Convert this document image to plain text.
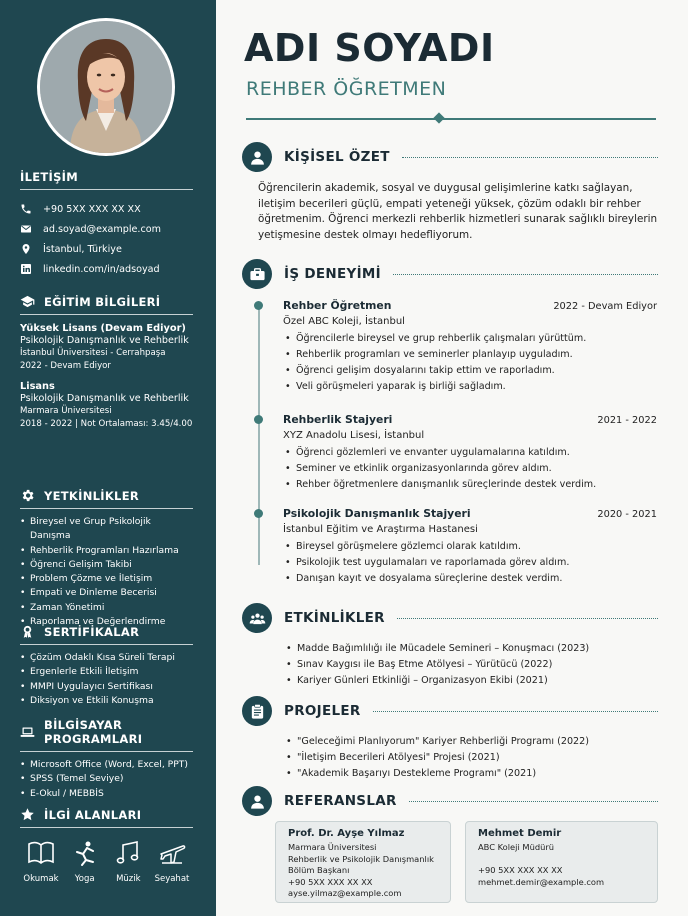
İLETİŞİM
+90 5XX XXX XX XX
ad.soyad@example.com
İstanbul, Türkiye
linkedin.com/in/adsoyad
EĞİTİM BİLGİLERİ
Yüksek Lisans (Devam Ediyor)
Psikolojik Danışmanlık ve Rehberlik
İstanbul Üniversitesi - Cerrahpaşa
2022 - Devam Ediyor
Lisans
Psikolojik Danışmanlık ve Rehberlik
Marmara Üniversitesi
2018 - 2022 | Not Ortalaması: 3.45/4.00
YETKİNLİKLER
• Bireysel ve Grup Psikolojik Danışma
• Rehberlik Programları Hazırlama
• Öğrenci Gelişim Takibi
• Problem Çözme ve İletişim
• Empati ve Dinleme Becerisi
• Zaman Yönetimi
• Raporlama ve Değerlendirme
SERTİFİKALAR
• Çözüm Odaklı Kısa Süreli Terapi
• Ergenlerle Etkili İletişim
• MMPI Uygulayıcı Sertifikası
• Diksiyon ve Etkili Konuşma
BİLGİSAYAR PROGRAMLARI
• Microsoft Office (Word, Excel, PPT)
• SPSS (Temel Seviye)
• E-Okul / MEBBİS
İLGİ ALANLARI
Okumak Yoga	Müzik Seyahat
ADI SOYADI
REHBER ÖĞRETMEN
KİŞİSEL ÖZET
Öğrencilerin akademik, sosyal ve duygusal gelişimlerine katkı sağlayan, iletişim becerileri güçlü, empati yeteneği yüksek, çözüm odaklı bir rehber öğretmenim. Öğrenci merkezli rehberlik hizmetleri sunarak sağlıklı bireylerin yetişmesine destek olmayı hedefliyorum.
İŞ DENEYİMİ
Rehber Öğretmen	2022 - Devam Ediyor
Özel ABC Koleji, İstanbul
• Öğrencilerle bireysel ve grup rehberlik çalışmaları yürüttüm.
• Rehberlik programları ve seminerler planlayıp uyguladım.
• Öğrenci gelişim dosyalarını takip ettim ve raporladım.
• Veli görüşmeleri yaparak iş birliği sağladım.
Rehberlik Stajyeri	2021 - 2022
XYZ Anadolu Lisesi, İstanbul
• Öğrenci gözlemleri ve envanter uygulamalarına katıldım.
• Seminer ve etkinlik organizasyonlarında görev aldım.
• Rehber öğretmenlere danışmanlık süreçlerinde destek verdim.
Psikolojik Danışmanlık Stajyeri	2020 - 2021
İstanbul Eğitim ve Araştırma Hastanesi
• Bireysel görüşmelere gözlemci olarak katıldım.
• Psikolojik test uygulamaları ve raporlamada görev aldım.
• Danışan kayıt ve dosyalama süreçlerine destek verdim.
ETKİNLİKLER
• Madde Bağımlılığı ile Mücadele Semineri – Konuşmacı (2023)
• Sınav Kaygısı ile Baş Etme Atölyesi – Yürütücü (2022)
• Kariyer Günleri Etkinliği – Organizasyon Ekibi (2021)
PROJELER
• "Geleceğimi Planlıyorum" Kariyer Rehberliği Programı (2022)
• "İletişim Becerileri Atölyesi" Projesi (2021)
• "Akademik Başarıyı Destekleme Programı" (2021)
REFERANSLAR
Prof. Dr. Ayşe Yılmaz
Marmara Üniversitesi
Rehberlik ve Psikolojik Danışmanlık
Bölüm Başkanı
+90 5XX XXX XX XX
ayse.yilmaz@example.com
Mehmet Demir
ABC Koleji Müdürü
+90 5XX XXX XX XX
mehmet.demir@example.com
